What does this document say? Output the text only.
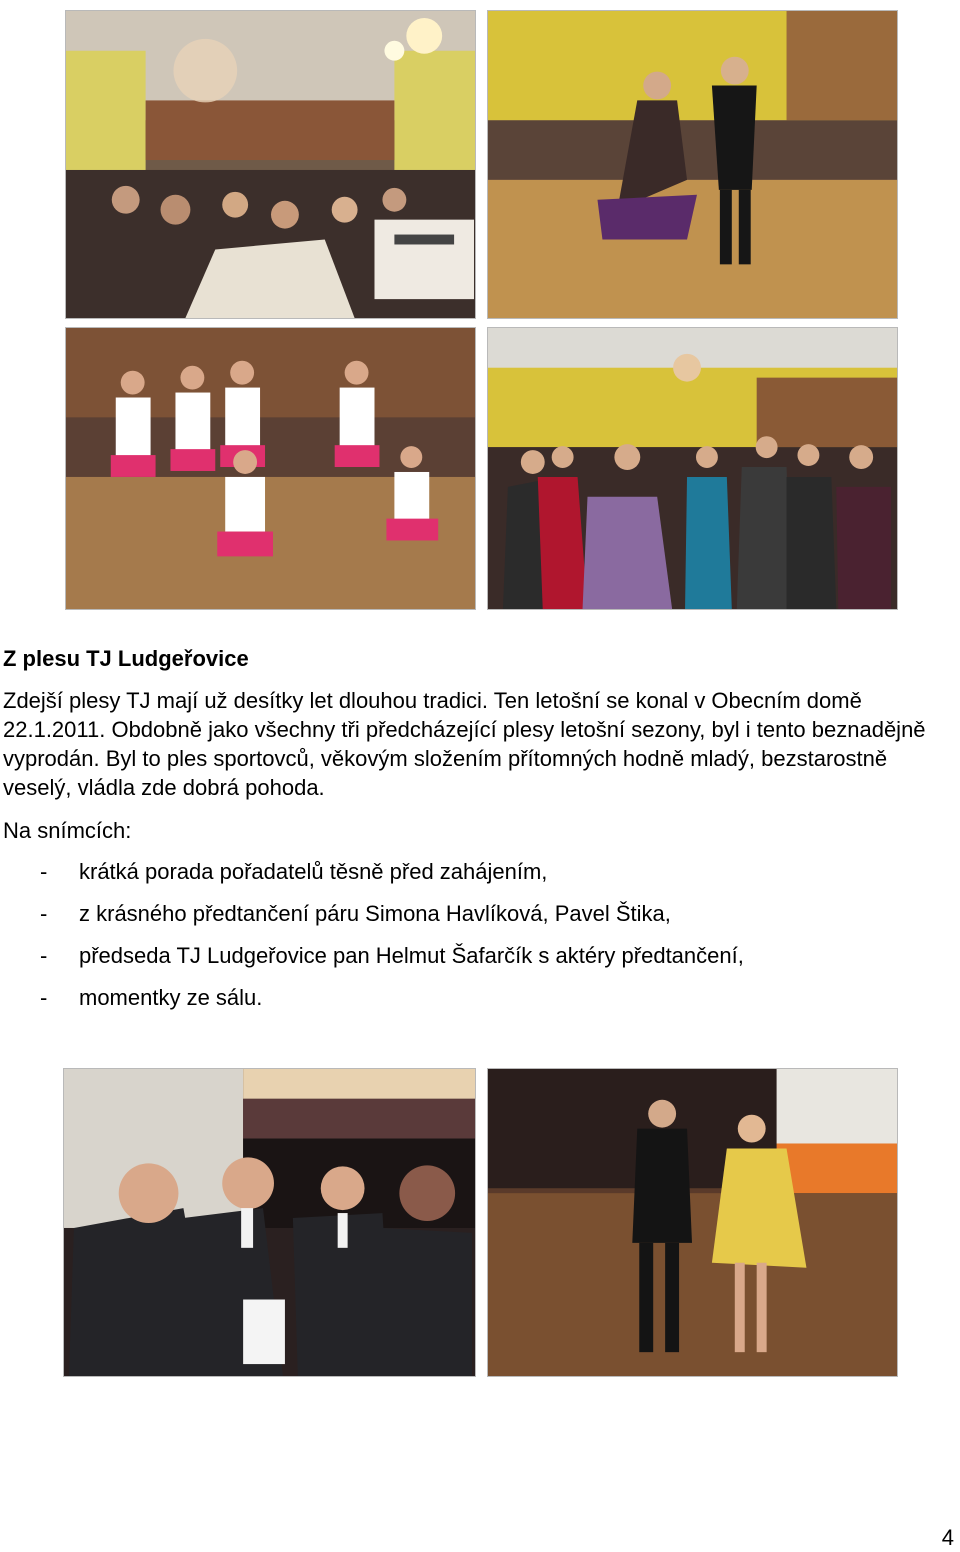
Z plesu TJ Ludgeřovice

Zdejší plesy TJ mají už desítky let dlouhou tradici. Ten letošní se konal v Obecním domě 22.1.2011. Obdobně jako všechny tři předcházející plesy letošní sezony, byl i tento beznadějně vyprodán. Byl to ples sportovců, věkovým složením přítomných hodně mladý, bezstarostně veselý, vládla zde dobrá pohoda.

Na snímcích:
- krátká porada pořadatelů těsně před zahájením,
- z krásného předtančení páru Simona Havlíková, Pavel Štika,
- předseda TJ Ludgeřovice pan Helmut Šafarčík s aktéry předtančení,
- momentky ze sálu.
4
